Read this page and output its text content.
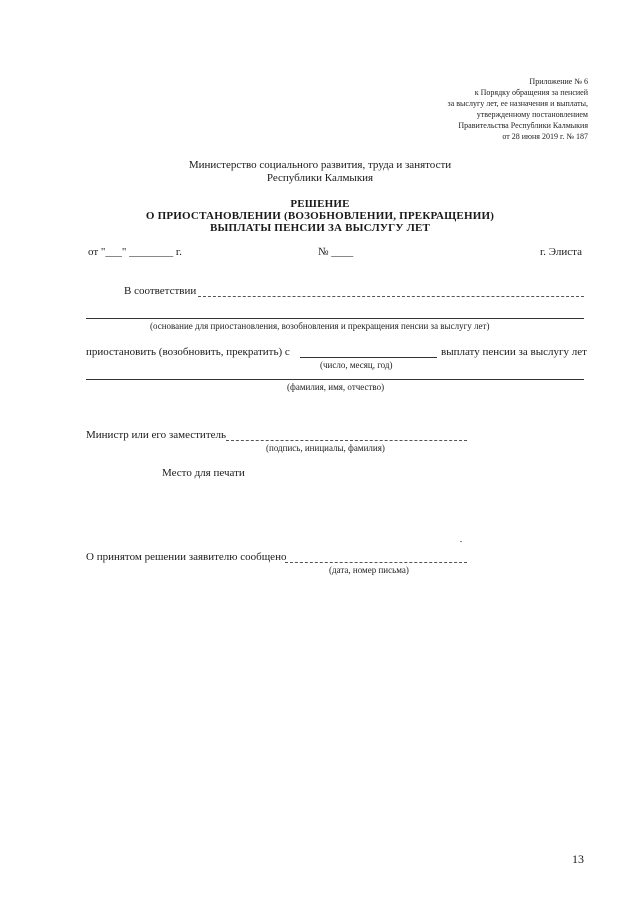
Приложение № 6
к Порядку обращения за пенсией
за выслугу лет, ее назначения и выплаты,
утвержденному постановлением
Правительства Республики Калмыкия
от 28 июня 2019 г. № 187
Министерство социального развития, труда и занятости
Республики Калмыкия
РЕШЕНИЕ
О ПРИОСТАНОВЛЕНИИ (ВОЗОБНОВЛЕНИИ, ПРЕКРАЩЕНИИ)
ВЫПЛАТЫ ПЕНСИИ ЗА ВЫСЛУГУ ЛЕТ
от "___" ________ г.	№ ____	г. Элиста
В соответствии
(основание для приостановления, возобновления и прекращения пенсии за выслугу лет)
приостановить (возобновить, прекратить) с	выплату пенсии за выслугу лет
(число, месяц, год)
(фамилия, имя, отчество)
Министр или его заместитель
(подпись, инициалы, фамилия)
Место для печати
О принятом решении заявителю сообщено
(дата, номер письма)
13
